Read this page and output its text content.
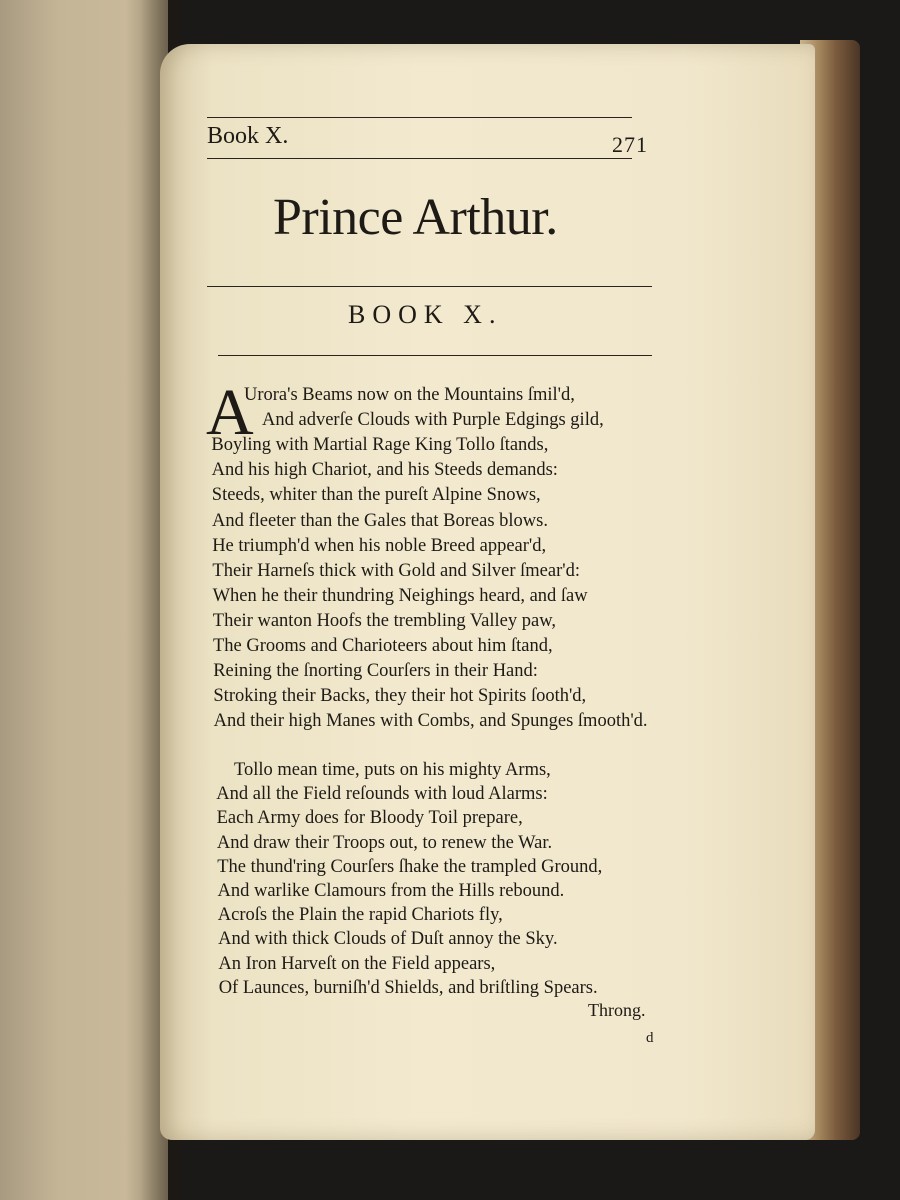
Book X.	271
Prince Arthur.
BOOK X.
A
Urora's Beams now on the Mountains ſmil'd,
And adverſe Clouds with Purple Edgings gild,
Boyling with Martial Rage King Tollo ſtands,
And his high Chariot, and his Steeds demands:
Steeds, whiter than the pureſt Alpine Snows,
And fleeter than the Gales that Boreas blows.
He triumph'd when his noble Breed appear'd,
Their Harneſs thick with Gold and Silver ſmear'd:
When he their thundring Neighings heard, and ſaw
Their wanton Hoofs the trembling Valley paw,
The Grooms and Charioteers about him ſtand,
Reining the ſnorting Courſers in their Hand:
Stroking their Backs, they their hot Spirits ſooth'd,
And their high Manes with Combs, and Spunges ſmooth'd.
Tollo mean time, puts on his mighty Arms,
And all the Field reſounds with loud Alarms:
Each Army does for Bloody Toil prepare,
And draw their Troops out, to renew the War.
The thund'ring Courſers ſhake the trampled Ground,
And warlike Clamours from the Hills rebound.
Acroſs the Plain the rapid Chariots fly,
And with thick Clouds of Duſt annoy the Sky.
An Iron Harveſt on the Field appears,
Of Launces, burniſh'd Shields, and briſtling Spears.
Throng.
d
